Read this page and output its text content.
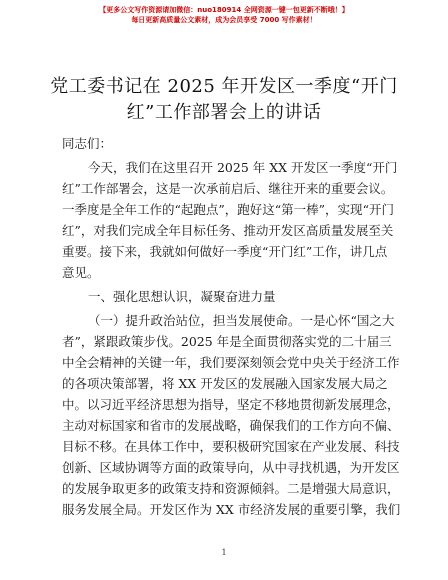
【更多公文写作资源请加微信：nuo180914 全网资源一键一包更新不断哦！】
每日更新高质量公文素材，成为会员享受 7000 写作素材！
党工委书记在 2025 年开发区一季度“开门
红”工作部署会上的讲话
同志们：
今天，我们在这里召开 2025 年 XX 开发区一季度“开门
红”工作部署会，这是一次承前启后、继往开来的重要会议。
一季度是全年工作的“起跑点”，跑好这“第一棒”，实现“开门
红”，对我们完成全年目标任务、推动开发区高质量发展至关
重要。接下来，我就如何做好一季度“开门红”工作，讲几点
意见。
一、强化思想认识，凝聚奋进力量
（一）提升政治站位，担当发展使命。一是心怀“国之大
者”，紧跟政策步伐。2025 年是全面贯彻落实党的二十届三
中全会精神的关键一年，我们要深刻领会党中央关于经济工作
的各项决策部署，将 XX 开发区的发展融入国家发展大局之
中。以习近平经济思想为指导，坚定不移地贯彻新发展理念，
主动对标国家和省市的发展战略，确保我们的工作方向不偏、
目标不移。在具体工作中，要积极研究国家在产业发展、科技
创新、区域协调等方面的政策导向，从中寻找机遇，为开发区
的发展争取更多的政策支持和资源倾斜。二是增强大局意识，
服务发展全局。开发区作为 XX 市经济发展的重要引擎，我们
1
